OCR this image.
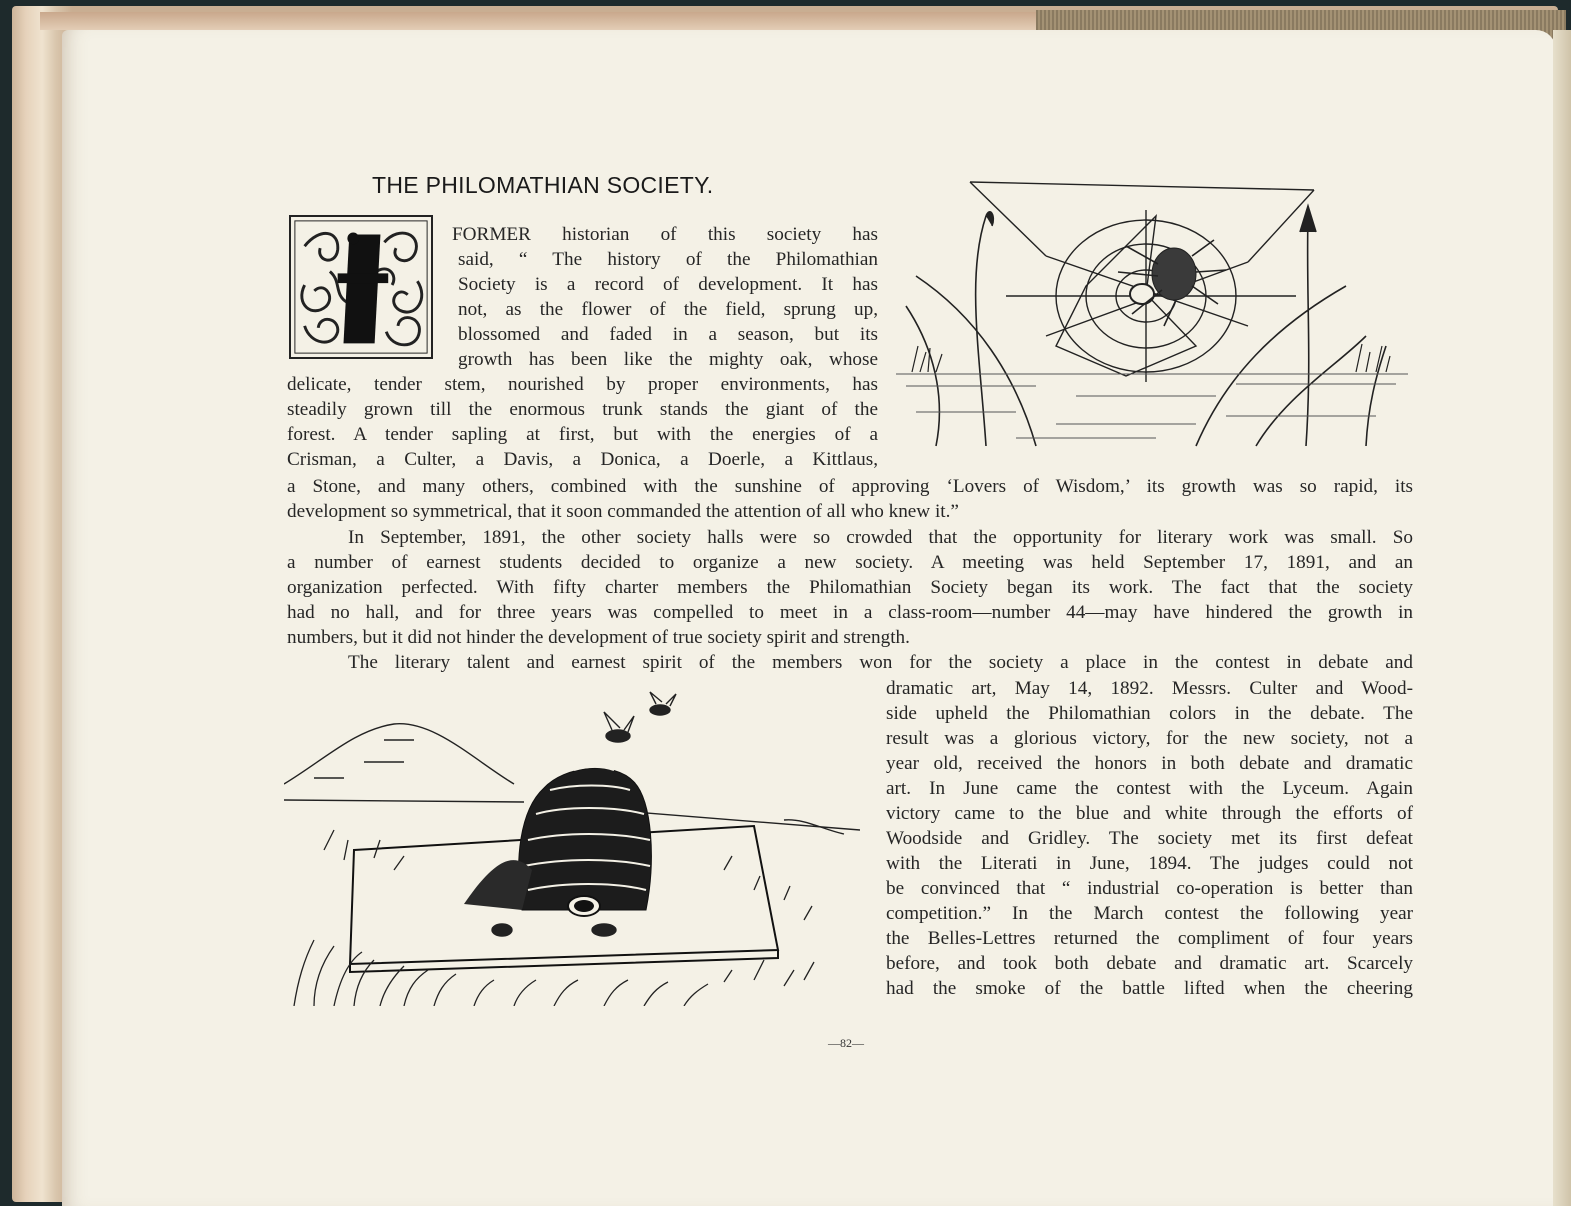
THE PHILOMATHIAN SOCIETY.
A
FORMER historian of this society has
said, “ The history of the Philomathian
Society is a record of development. It has
not, as the flower of the field, sprung up,
blossomed and faded in a season, but its
growth has been like the mighty oak, whose
delicate, tender stem, nourished by proper environments, has
steadily grown till the enormous trunk stands the giant of the
forest. A tender sapling at first, but with the energies of a
Crisman, a Culter, a Davis, a Donica, a Doerle, a Kittlaus,
a Stone, and many others, combined with the sunshine of approving ‘Lovers of Wisdom,’ its growth was so rapid, its
development so symmetrical, that it soon commanded the attention of all who knew it.”
In September, 1891, the other society halls were so crowded that the opportunity for literary work was small. So
a number of earnest students decided to organize a new society. A meeting was held September 17, 1891, and an
organization perfected. With fifty charter members the Philomathian Society began its work. The fact that the society
had no hall, and for three years was compelled to meet in a class-room—number 44—may have hindered the growth in
numbers, but it did not hinder the development of true society spirit and strength.
The literary talent and earnest spirit of the members won for the society a place in the contest in debate and
dramatic art, May 14, 1892. Messrs. Culter and Wood-
side upheld the Philomathian colors in the debate. The
result was a glorious victory, for the new society, not a
year old, received the honors in both debate and dramatic
art. In June came the contest with the Lyceum. Again
victory came to the blue and white through the efforts of
Woodside and Gridley. The society met its first defeat
with the Literati in June, 1894. The judges could not
be convinced that “ industrial co-operation is better than
competition.” In the March contest the following year
the Belles-Lettres returned the compliment of four years
before, and took both debate and dramatic art. Scarcely
had the smoke of the battle lifted when the cheering
—82—
